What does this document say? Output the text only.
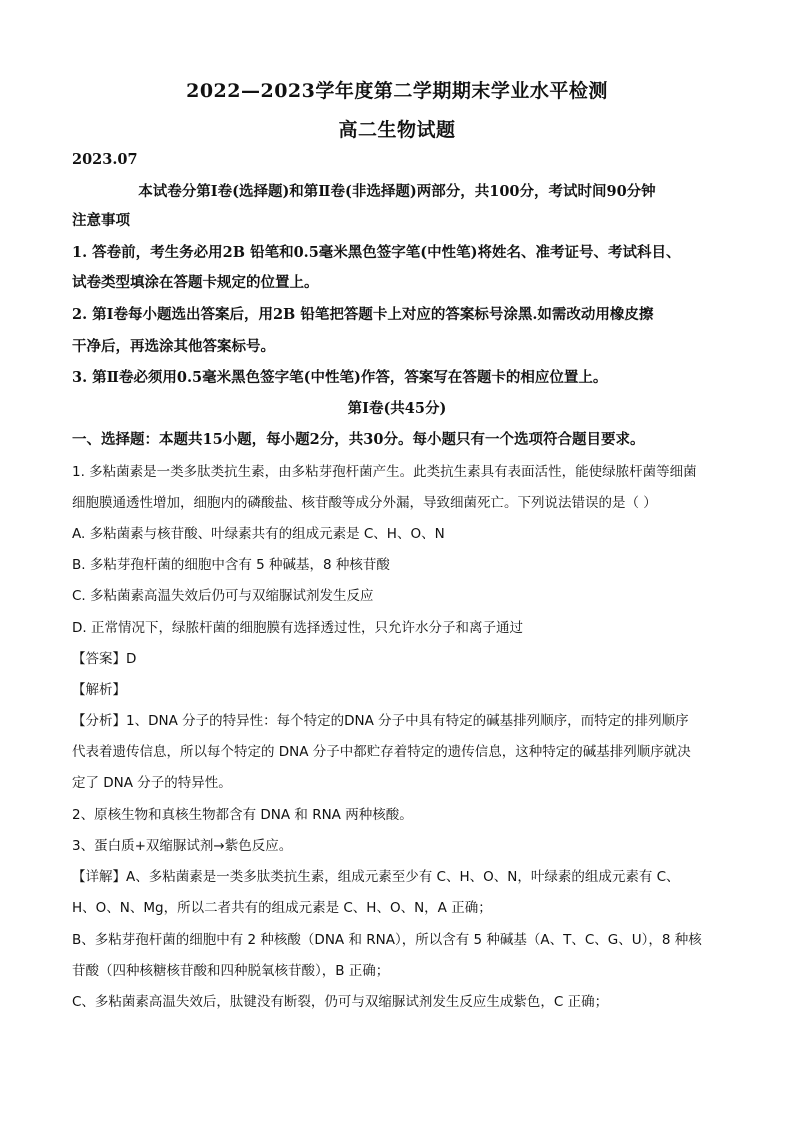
2022—2023学年度第二学期期末学业水平检测
高二生物试题
2023.07
本试卷分第Ⅰ卷(选择题)和第Ⅱ卷(非选择题)两部分，共100分，考试时间90分钟
注意事项
1. 答卷前，考生务必用2B 铅笔和0.5毫米黑色签字笔(中性笔)将姓名、准考证号、考试科目、
试卷类型填涂在答题卡规定的位置上。
2. 第Ⅰ卷每小题选出答案后，用2B 铅笔把答题卡上对应的答案标号涂黑.如需改动用橡皮擦
干净后，再选涂其他答案标号。
3. 第Ⅱ卷必须用0.5毫米黑色签字笔(中性笔)作答，答案写在答题卡的相应位置上。
第Ⅰ卷(共45分)
一、选择题：本题共15小题，每小题2分，共30分。每小题只有一个选项符合题目要求。
1. 多粘菌素是一类多肽类抗生素，由多粘芽孢杆菌产生。此类抗生素具有表面活性，能使绿脓杆菌等细菌
细胞膜通透性增加，细胞内的磷酸盐、核苷酸等成分外漏，导致细菌死亡。下列说法错误的是（ ）
A. 多粘菌素与核苷酸、叶绿素共有的组成元素是 C、H、O、N
B. 多粘芽孢杆菌的细胞中含有 5 种碱基，8 种核苷酸
C. 多粘菌素高温失效后仍可与双缩脲试剂发生反应
D. 正常情况下，绿脓杆菌的细胞膜有选择透过性，只允许水分子和离子通过
【答案】D
【解析】
【分析】1、DNA 分子的特异性：每个特定的DNA 分子中具有特定的碱基排列顺序，而特定的排列顺序
代表着遗传信息，所以每个特定的 DNA 分子中都贮存着特定的遗传信息，这种特定的碱基排列顺序就决
定了 DNA 分子的特异性。
2、原核生物和真核生物都含有 DNA 和 RNA 两种核酸。
3、蛋白质+双缩脲试剂→紫色反应。
【详解】A、多粘菌素是一类多肽类抗生素，组成元素至少有 C、H、O、N，叶绿素的组成元素有 C、
H、O、N、Mg，所以二者共有的组成元素是 C、H、O、N，A 正确；
B、多粘芽孢杆菌的细胞中有 2 种核酸（DNA 和 RNA），所以含有 5 种碱基（A、T、C、G、U），8 种核
苷酸（四种核糖核苷酸和四种脱氧核苷酸），B 正确；
C、多粘菌素高温失效后，肽键没有断裂，仍可与双缩脲试剂发生反应生成紫色，C 正确；
